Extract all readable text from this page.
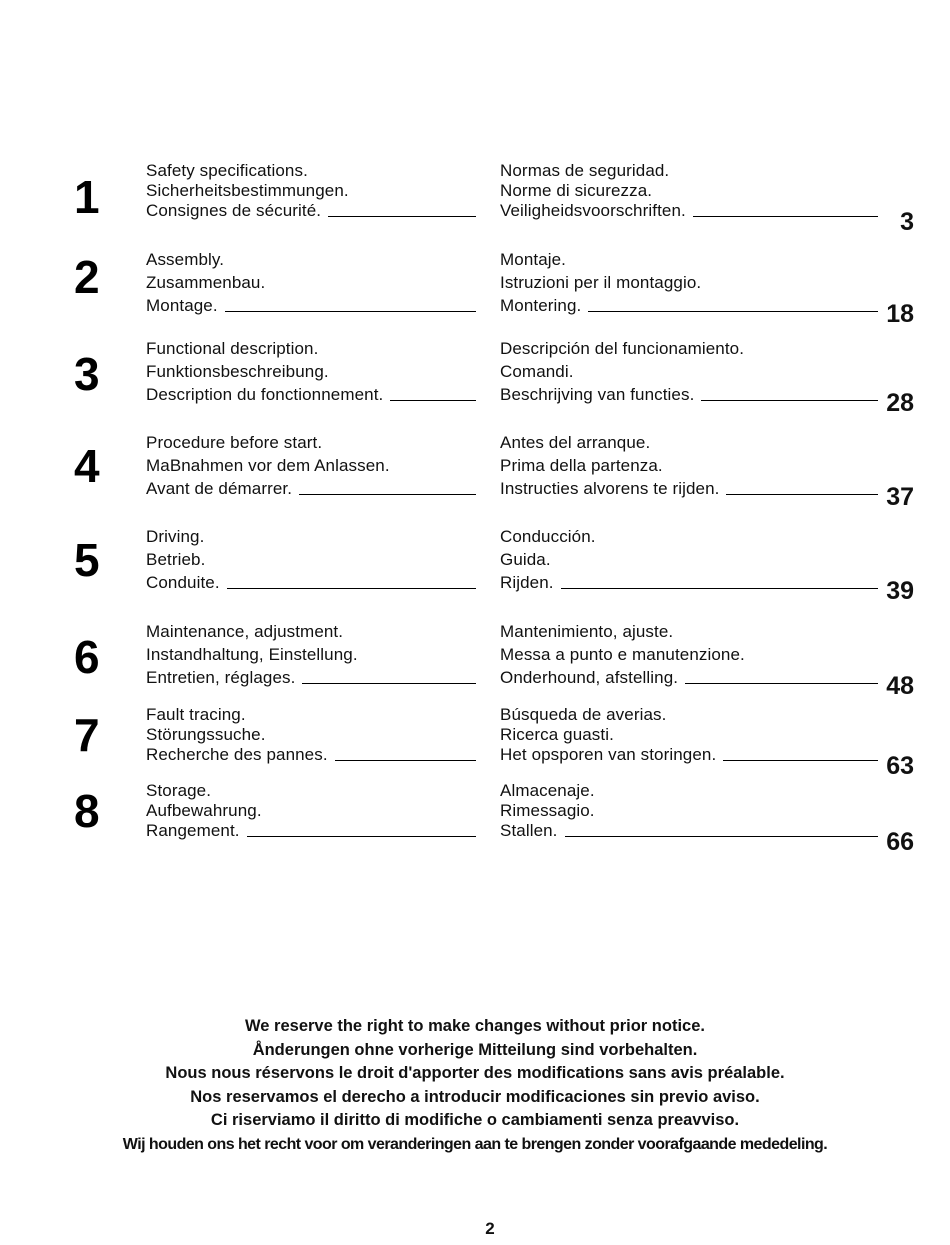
1
Safety specifications.
Sicherheitsbestimmungen.
Consignes de sécurité.
Normas de seguridad.
Norme di sicurezza.
Veiligheidsvoorschriften.	3
2	Assembly.
Zusammenbau.
Montage.
Montaje.
Istruzioni per il montaggio.
Montering.	18
3	Functional description.
Funktionsbeschreibung.
Description du fonctionnement.
Descripción del funcionamiento.
Comandi.
Beschrijving van functies.	28
4	Procedure before start.
MaBnahmen vor dem Anlassen.
Avant de démarrer.
Antes del arranque.
Prima della partenza.
Instructies alvorens te rijden.	37
5	Driving.
Betrieb.
Conduite.
Conducción.
Guida.
Rijden.	39
6	Maintenance, adjustment.
Instandhaltung, Einstellung.
Entretien, réglages.
Mantenimiento, ajuste.
Messa a punto e manutenzione.
Onderhound, afstelling.	48
7	Fault tracing.
Störungssuche.
Recherche des pannes.
Búsqueda de averias.
Ricerca guasti.
Het opsporen van storingen.	63
8	Storage.
Aufbewahrung.
Rangement.
Almacenaje.
Rimessagio.
Stallen.	66
We reserve the right to make changes without prior notice.
Ånderungen ohne vorherige Mitteilung sind vorbehalten.
Nous nous réservons le droit d'apporter des modifications sans avis préalable.
Nos reservamos el derecho a introducir modificaciones sin previo aviso.
Ci riserviamo il diritto di modifiche o cambiamenti senza preavviso.
Wij houden ons het recht voor om veranderingen aan te brengen zonder voorafgaande mededeling.
2
